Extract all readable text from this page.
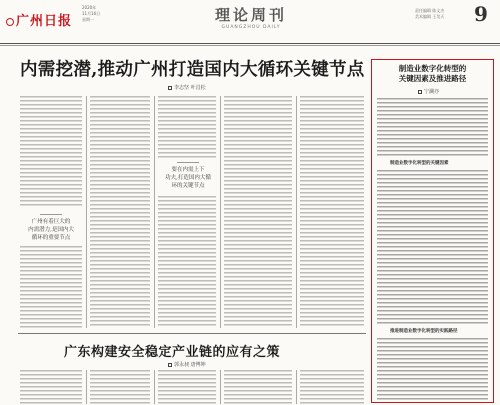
广州日报
2020年
11月16日
星期一	理论周刊
GUANGZHOU DAILY
责任编辑 陈文杰
美术编辑 王昊天	9
内需挖潜,推动广州打造国内大循环关键节点
李志坚 叶昌松
广州有着巨大的
内需潜力,是国内大
循环的重要节点
要在内需上下
功夫,打造国内大循
环的关键节点
广东构建安全稳定产业链的应有之策
郭永昶 唐博坤
制造业数字化转型的
关键因素及推进路径
宁澜亦
制造业数字化转型的关键因素
推进制造业数字化转型的实践路径
